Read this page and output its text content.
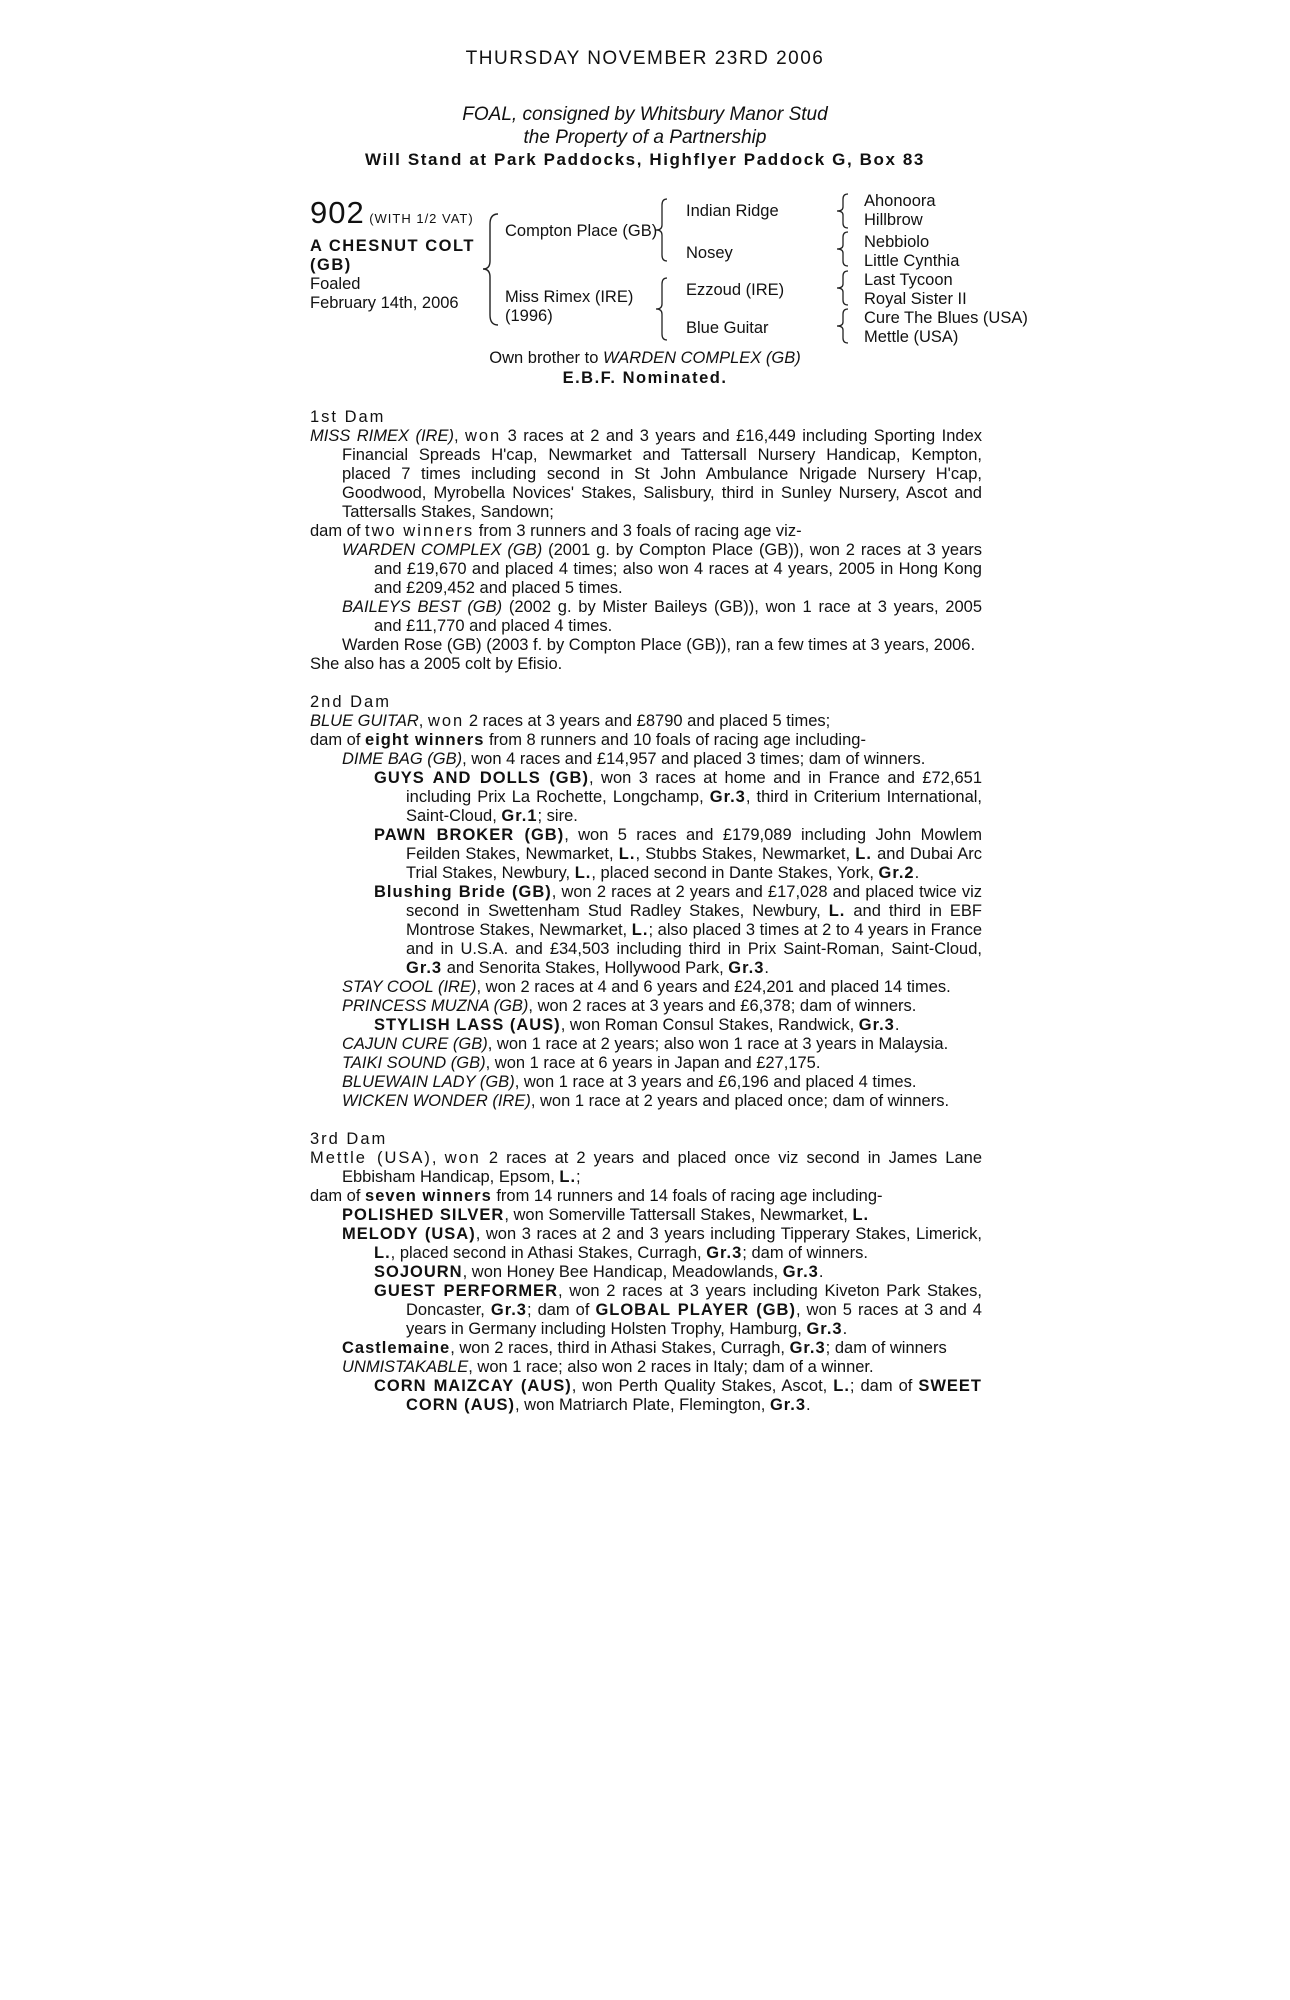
THURSDAY NOVEMBER 23RD 2006
FOAL, consigned by Whitsbury Manor Stud
the Property of a Partnership
Will Stand at Park Paddocks, Highflyer Paddock G, Box 83
902 (WITH 1/2 VAT)
A CHESNUT COLT
(GB)
Foaled
February 14th, 2006
Compton Place (GB)
Miss Rimex (IRE)
(1996)
Indian Ridge
Nosey
Ezzoud (IRE)
Blue Guitar
Ahonoora
Hillbrow
Nebbiolo
Little Cynthia
Last Tycoon
Royal Sister II
Cure The Blues (USA)
Mettle (USA)
Own brother to WARDEN COMPLEX (GB)
E.B.F. Nominated.
1st Dam

MISS RIMEX (IRE), won 3 races at 2 and 3 years and £16,449 including Sporting Index Financial Spreads H'cap, Newmarket and Tattersall Nursery Handicap, Kempton, placed 7 times including second in St John Ambulance Nrigade Nursery H'cap, Goodwood, Myrobella Novices' Stakes, Salisbury, third in Sunley Nursery, Ascot and Tattersalls Stakes, Sandown;

dam of two winners from 3 runners and 3 foals of racing age viz-

WARDEN COMPLEX (GB) (2001 g. by Compton Place (GB)), won 2 races at 3 years and £19,670 and placed 4 times; also won 4 races at 4 years, 2005 in Hong Kong and £209,452 and placed 5 times.

BAILEYS BEST (GB) (2002 g. by Mister Baileys (GB)), won 1 race at 3 years, 2005 and £11,770 and placed 4 times.

Warden Rose (GB) (2003 f. by Compton Place (GB)), ran a few times at 3 years, 2006.

She also has a 2005 colt by Efisio.

2nd Dam

BLUE GUITAR, won 2 races at 3 years and £8790 and placed 5 times;

dam of eight winners from 8 runners and 10 foals of racing age including-

DIME BAG (GB), won 4 races and £14,957 and placed 3 times; dam of winners.

GUYS AND DOLLS (GB), won 3 races at home and in France and £72,651 including Prix La Rochette, Longchamp, Gr.3, third in Criterium International, Saint-Cloud, Gr.1; sire.

PAWN BROKER (GB), won 5 races and £179,089 including John Mowlem Feilden Stakes, Newmarket, L., Stubbs Stakes, Newmarket, L. and Dubai Arc Trial Stakes, Newbury, L., placed second in Dante Stakes, York, Gr.2.

Blushing Bride (GB), won 2 races at 2 years and £17,028 and placed twice viz second in Swettenham Stud Radley Stakes, Newbury, L. and third in EBF Montrose Stakes, Newmarket, L.; also placed 3 times at 2 to 4 years in France and in U.S.A. and £34,503 including third in Prix Saint-Roman, Saint-Cloud, Gr.3 and Senorita Stakes, Hollywood Park, Gr.3.

STAY COOL (IRE), won 2 races at 4 and 6 years and £24,201 and placed 14 times.

PRINCESS MUZNA (GB), won 2 races at 3 years and £6,378; dam of winners.

STYLISH LASS (AUS), won Roman Consul Stakes, Randwick, Gr.3.

CAJUN CURE (GB), won 1 race at 2 years; also won 1 race at 3 years in Malaysia.

TAIKI SOUND (GB), won 1 race at 6 years in Japan and £27,175.

BLUEWAIN LADY (GB), won 1 race at 3 years and £6,196 and placed 4 times.

WICKEN WONDER (IRE), won 1 race at 2 years and placed once; dam of winners.

3rd Dam

Mettle (USA), won 2 races at 2 years and placed once viz second in James Lane Ebbisham Handicap, Epsom, L.;

dam of seven winners from 14 runners and 14 foals of racing age including-

POLISHED SILVER, won Somerville Tattersall Stakes, Newmarket, L.

MELODY (USA), won 3 races at 2 and 3 years including Tipperary Stakes, Limerick, L., placed second in Athasi Stakes, Curragh, Gr.3; dam of winners.

SOJOURN, won Honey Bee Handicap, Meadowlands, Gr.3.

GUEST PERFORMER, won 2 races at 3 years including Kiveton Park Stakes, Doncaster, Gr.3; dam of GLOBAL PLAYER (GB), won 5 races at 3 and 4 years in Germany including Holsten Trophy, Hamburg, Gr.3.

Castlemaine, won 2 races, third in Athasi Stakes, Curragh, Gr.3; dam of winners

UNMISTAKABLE, won 1 race; also won 2 races in Italy; dam of a winner.

CORN MAIZCAY (AUS), won Perth Quality Stakes, Ascot, L.; dam of SWEET CORN (AUS), won Matriarch Plate, Flemington, Gr.3.
